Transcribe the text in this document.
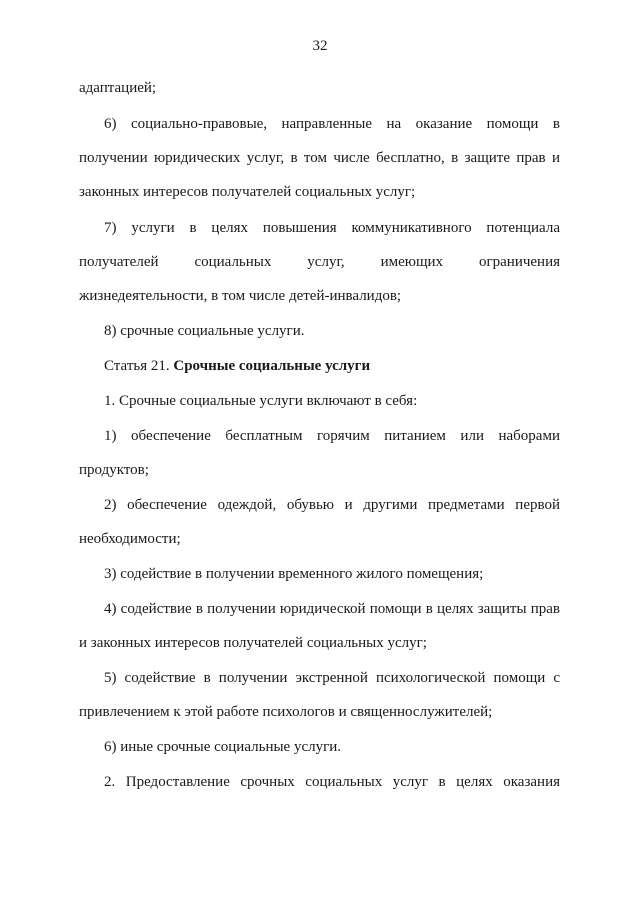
32
адаптацией;
6) социально-правовые, направленные на оказание помощи в
получении юридических услуг, в том числе бесплатно, в защите прав и
законных интересов получателей социальных услуг;
7) услуги в целях повышения коммуникативного потенциала
получателей социальных услуг, имеющих ограничения
жизнедеятельности, в том числе детей-инвалидов;
8) срочные социальные услуги.
Статья 21. Срочные социальные услуги
1. Срочные социальные услуги включают в себя:
1) обеспечение бесплатным горячим питанием или наборами
продуктов;
2) обеспечение одеждой, обувью и другими предметами первой
необходимости;
3) содействие в получении временного жилого помещения;
4) содействие в получении юридической помощи в целях защиты прав
и законных интересов получателей социальных услуг;
5) содействие в получении экстренной психологической помощи с
привлечением к этой работе психологов и священнослужителей;
6) иные срочные социальные услуги.
2. Предоставление срочных социальных услуг в целях оказания
